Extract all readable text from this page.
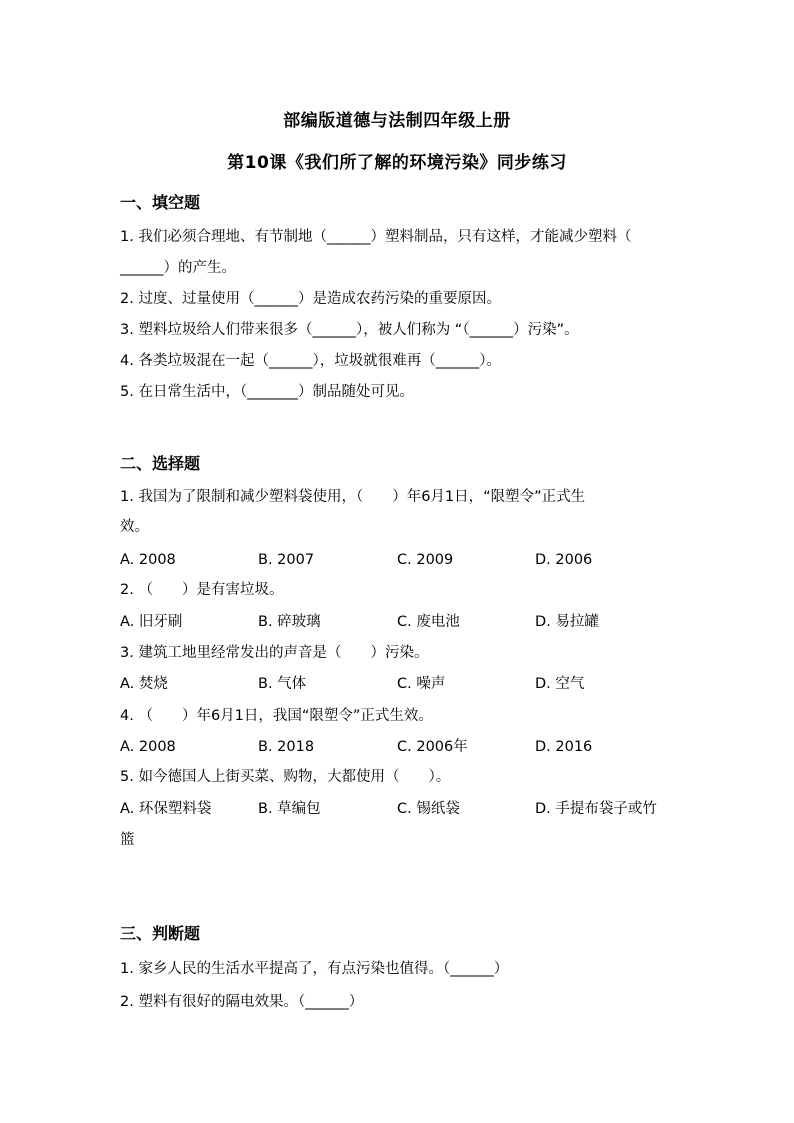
部编版道德与法制四年级上册
第10课《我们所了解的环境污染》同步练习
一、填空题
1. 我们必须合理地、有节制地（______）塑料制品，只有这样，才能减少塑料（
______）的产生。
2. 过度、过量使用（______）是造成农药污染的重要原因。
3. 塑料垃圾给人们带来很多（______），被人们称为 “（______）污染”。
4. 各类垃圾混在一起（______），垃圾就很难再（______）。
5. 在日常生活中，（_______）制品随处可见。
二、选择题
1. 我国为了限制和减少塑料袋使用，（　　）年6月1日，“限塑令”正式生
效。
A. 2008	B. 2007	C. 2009	D. 2006
2. （　　）是有害垃圾。
A. 旧牙刷	B. 碎玻璃	C. 废电池	D. 易拉罐
3. 建筑工地里经常发出的声音是（　　）污染。
A. 焚烧	B. 气体	C. 噪声	D. 空气
4. （　　）年6月1日，我国“限塑令”正式生效。
A. 2008	B. 2018	C. 2006年	D. 2016
5. 如今德国人上街买菜、购物，大都使用（　　）。
A. 环保塑料袋	B. 草编包	C. 锡纸袋	D. 手提布袋子或竹
篮
三、判断题
1. 家乡人民的生活水平提高了，有点污染也值得。（______）
2. 塑料有很好的隔电效果。（______）
